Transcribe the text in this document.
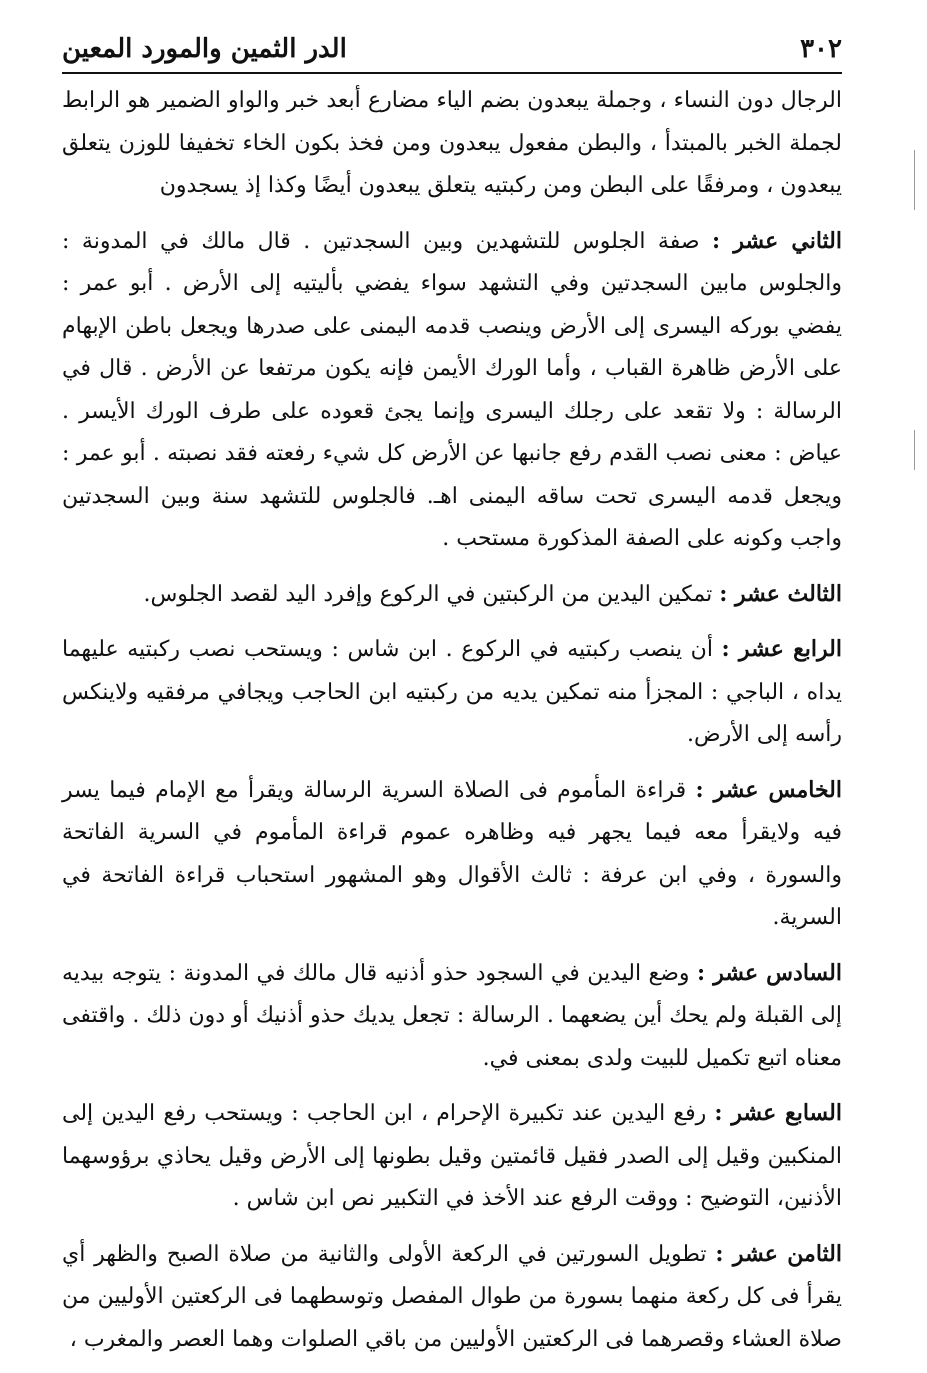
٣٠٢
الدر الثمين والمورد المعين

الرجال دون النساء ، وجملة يبعدون بضم الياء مضارع أبعد خبر والواو الضمير هو الرابط لجملة الخبر بالمبتدأ ، والبطن مفعول يبعدون ومن فخذ بكون الخاء تخفيفا للوزن يتعلق يبعدون ، ومرفقًا على البطن ومن ركبتيه يتعلق يبعدون أيضًا وكذا إذ يسجدون

الثاني عشر : صفة الجلوس للتشهدين وبين السجدتين . قال مالك في المدونة : والجلوس مابين السجدتين وفي التشهد سواء يفضي بأليتيه إلى الأرض . أبو عمر : يفضي بوركه اليسرى إلى الأرض وينصب قدمه اليمنى على صدرها ويجعل باطن الإبهام على الأرض ظاهرة القباب ، وأما الورك الأيمن فإنه يكون مرتفعا عن الأرض . قال في الرسالة : ولا تقعد على رجلك اليسرى وإنما يجئ قعوده على طرف الورك الأيسر . عياض : معنى نصب القدم رفع جانبها عن الأرض كل شيء رفعته فقد نصبته . أبو عمر : ويجعل قدمه اليسرى تحت ساقه اليمنى اهـ. فالجلوس للتشهد سنة وبين السجدتين واجب وكونه على الصفة المذكورة مستحب .

الثالث عشر : تمكين اليدين من الركبتين في الركوع وإفرد اليد لقصد الجلوس.

الرابع عشر : أن ينصب ركبتيه في الركوع . ابن شاس : ويستحب نصب ركبتيه عليهما يداه ، الباجي : المجزأ منه تمكين يديه من ركبتيه ابن الحاجب ويجافي مرفقيه ولاينكس رأسه إلى الأرض.

الخامس عشر : قراءة المأموم فى الصلاة السرية الرسالة ويقرأ مع الإمام فيما يسر فيه ولايقرأ معه فيما يجهر فيه وظاهره عموم قراءة المأموم في السرية الفاتحة والسورة ، وفي ابن عرفة : ثالث الأقوال وهو المشهور استحباب قراءة الفاتحة في السرية.

السادس عشر : وضع اليدين في السجود حذو أذنيه قال مالك في المدونة : يتوجه بيديه إلى القبلة ولم يحك أين يضعهما . الرسالة : تجعل يديك حذو أذنيك أو دون ذلك . واقتفى معناه اتبع تكميل للبيت ولدى بمعنى في.

السابع عشر : رفع اليدين عند تكبيرة الإحرام ، ابن الحاجب : ويستحب رفع اليدين إلى المنكبين وقيل إلى الصدر فقيل قائمتين وقيل بطونها إلى الأرض وقيل يحاذي برؤوسهما الأذنين، التوضيح : ووقت الرفع عند الأخذ في التكبير نص ابن شاس .

الثامن عشر : تطويل السورتين في الركعة الأولى والثانية من صلاة الصبح والظهر أي يقرأ فى كل ركعة منهما بسورة من طوال المفصل وتوسطهما فى الركعتين الأوليين من صلاة العشاء وقصرهما فى الركعتين الأوليين من باقي الصلوات وهما العصر والمغرب ،
